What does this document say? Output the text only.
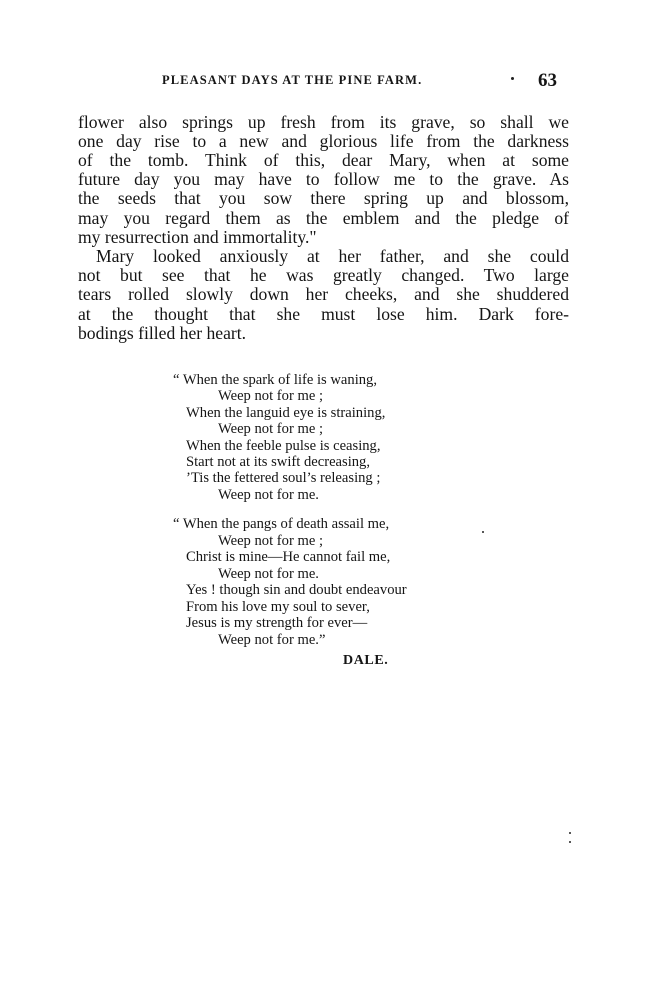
PLEASANT DAYS AT THE PINE FARM.	63
flower also springs up fresh from its grave, so shall we
one day rise to a new and glorious life from the darkness
of the tomb. Think of this, dear Mary, when at some
future day you may have to follow me to the grave. As
the seeds that you sow there spring up and blossom,
may you regard them as the emblem and the pledge of
my resurrection and immortality."
Mary looked anxiously at her father, and she could
not but see that he was greatly changed. Two large
tears rolled slowly down her cheeks, and she shuddered
at the thought that she must lose him. Dark fore-
bodings filled her heart.
“ When the spark of life is waning,
Weep not for me ;
When the languid eye is straining,
Weep not for me ;
When the feeble pulse is ceasing,
Start not at its swift decreasing,
’Tis the fettered soul’s releasing ;
Weep not for me.
“ When the pangs of death assail me,
Weep not for me ;
Christ is mine—He cannot fail me,
Weep not for me.
Yes ! though sin and doubt endeavour
From his love my soul to sever,
Jesus is my strength for ever—
Weep not for me.”
DALE.
